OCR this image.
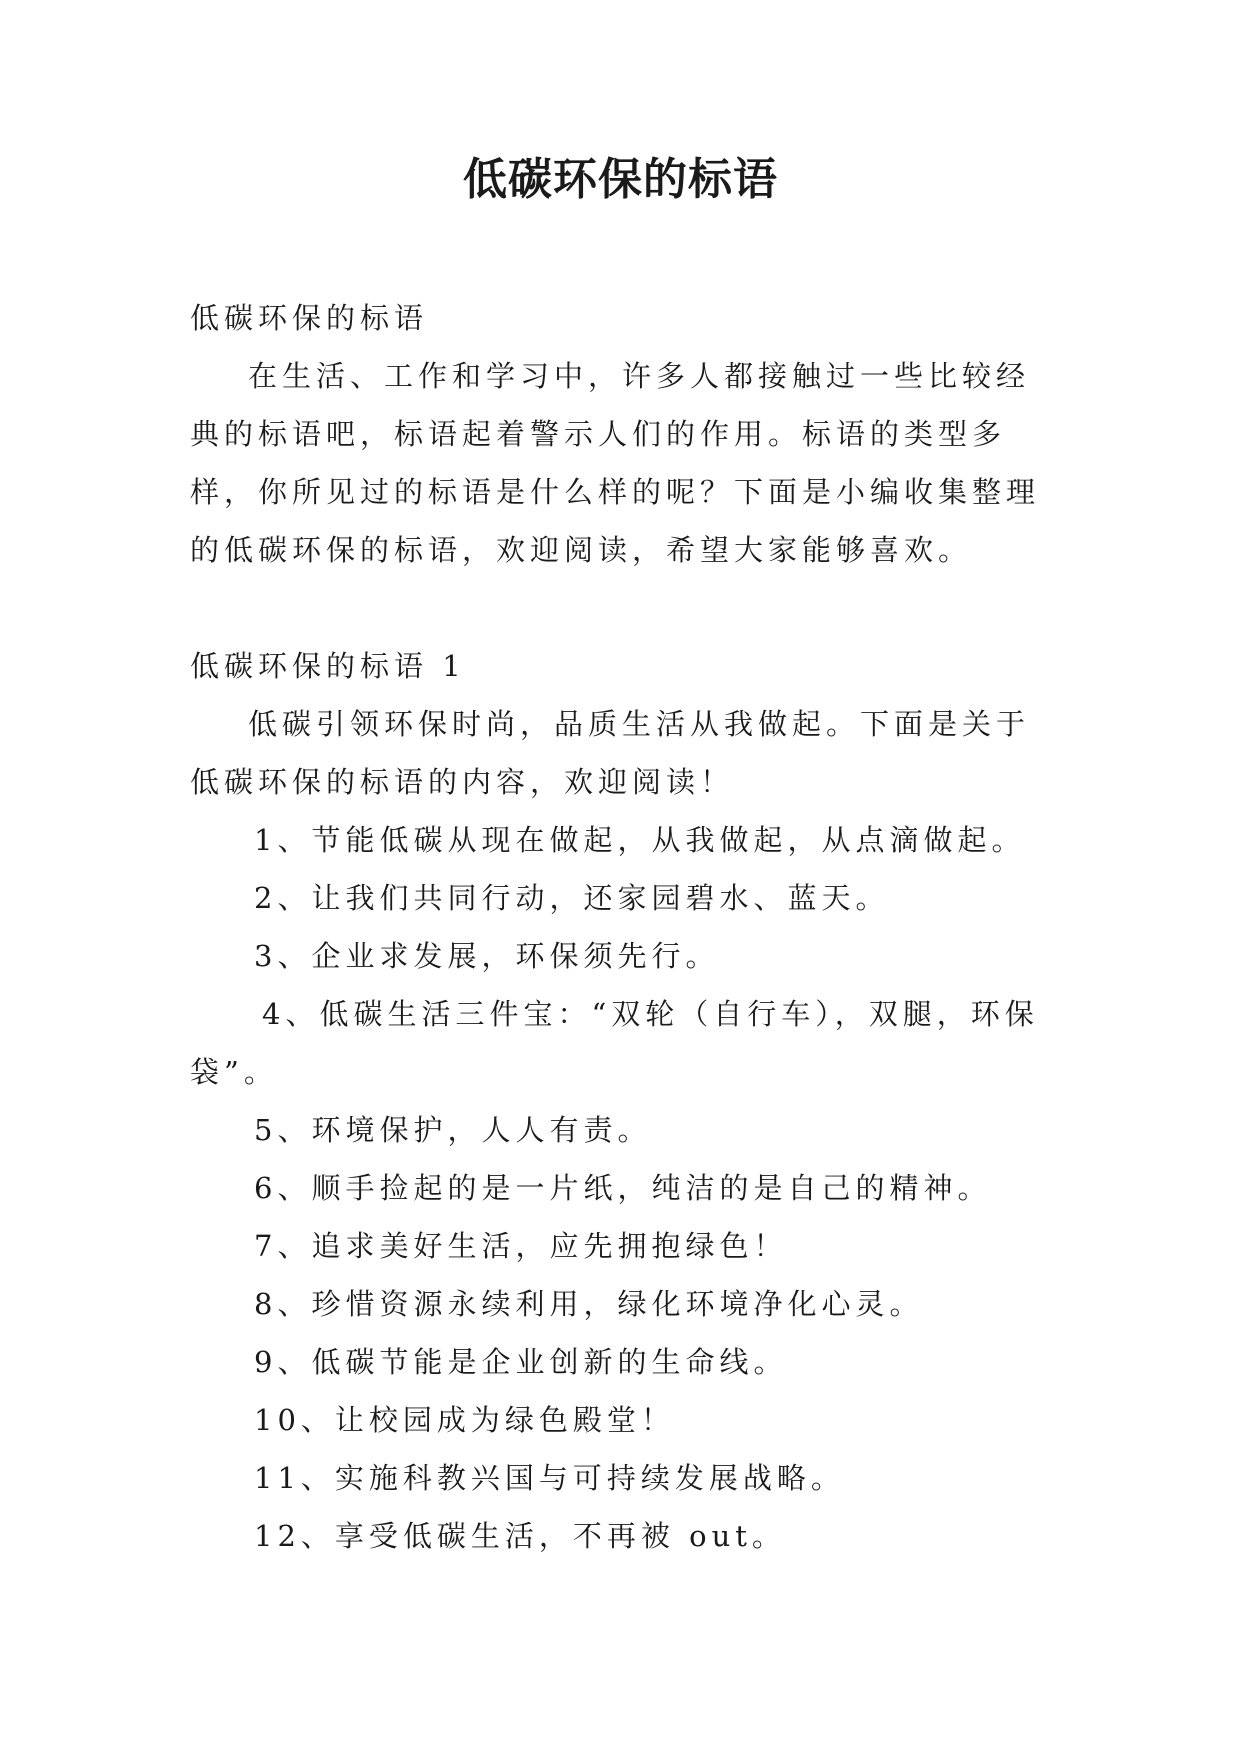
低碳环保的标语

低碳环保的标语

在生活、工作和学习中，许多人都接触过一些比较经典的标语吧，标语起着警示人们的作用。标语的类型多样，你所见过的标语是什么样的呢？下面是小编收集整理的低碳环保的标语，欢迎阅读，希望大家能够喜欢。

低碳环保的标语 1

低碳引领环保时尚，品质生活从我做起。下面是关于低碳环保的标语的内容，欢迎阅读！

1、节能低碳从现在做起，从我做起，从点滴做起。

2、让我们共同行动，还家园碧水、蓝天。

3、企业求发展，环保须先行。

4、低碳生活三件宝：“双轮（自行车），双腿，环保袋”。

5、环境保护，人人有责。

6、顺手捡起的是一片纸，纯洁的是自己的精神。

7、追求美好生活，应先拥抱绿色！

8、珍惜资源永续利用，绿化环境净化心灵。

9、低碳节能是企业创新的生命线。

10、让校园成为绿色殿堂！

11、实施科教兴国与可持续发展战略。

12、享受低碳生活，不再被 out。
